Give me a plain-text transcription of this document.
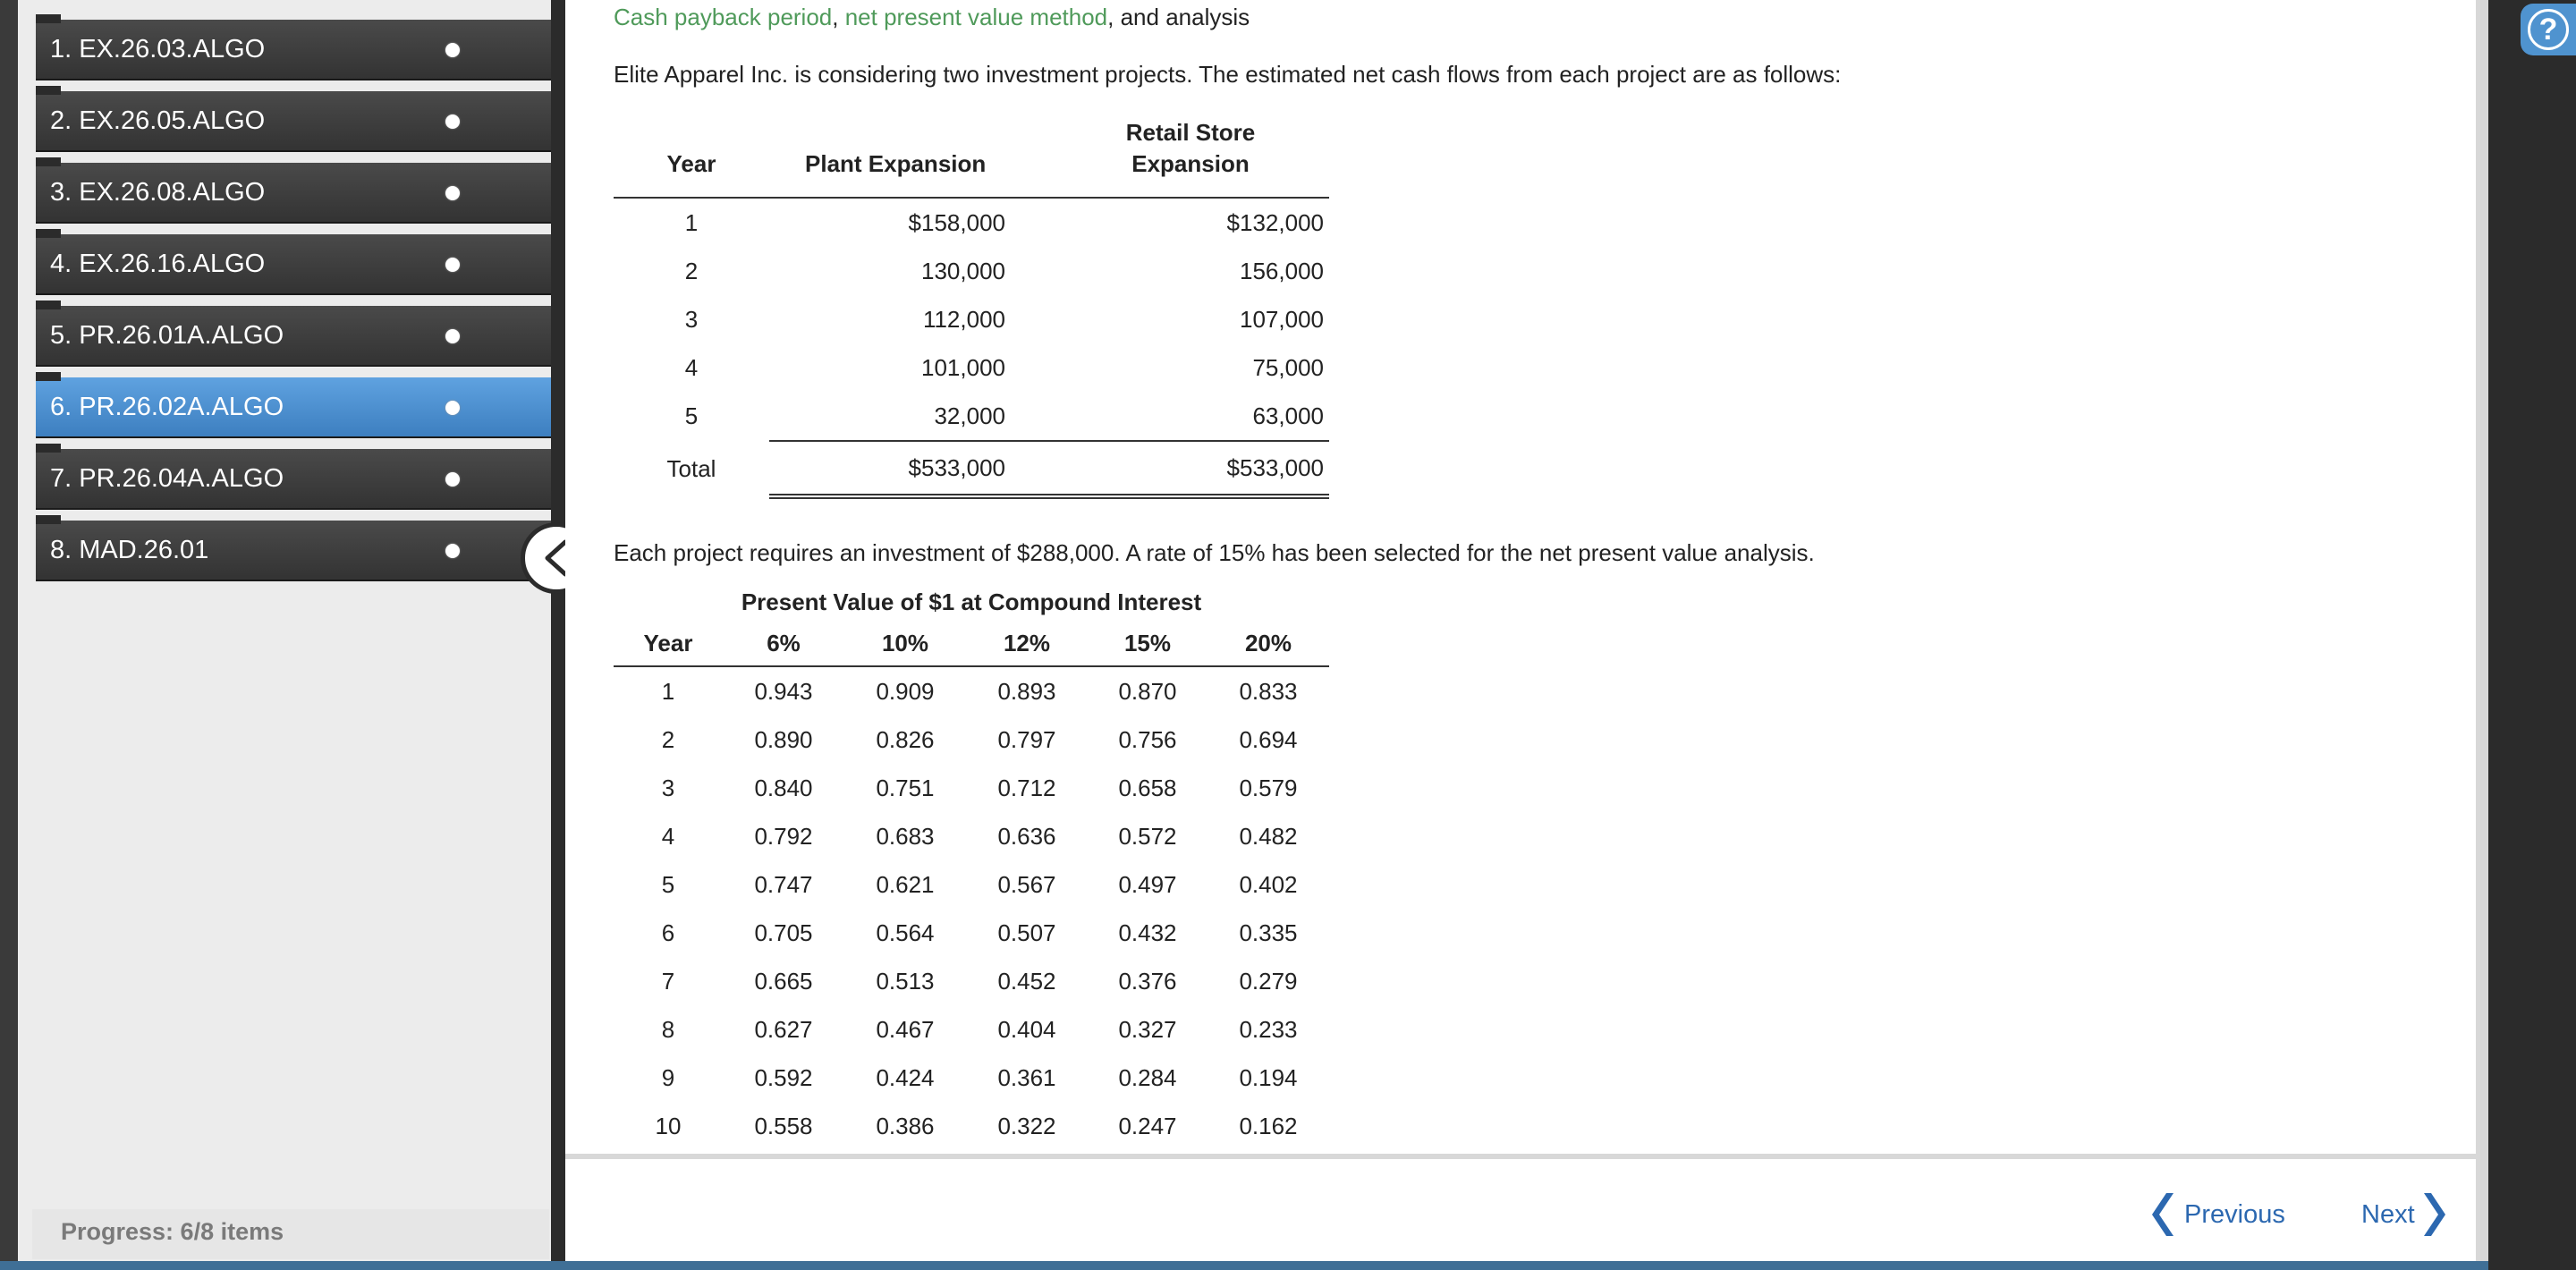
1. EX.26.03.ALGO
2. EX.26.05.ALGO
3. EX.26.08.ALGO
4. EX.26.16.ALGO
5. PR.26.01A.ALGO
6. PR.26.02A.ALGO
7. PR.26.04A.ALGO
8. MAD.26.01
Progress: 6/8 items
?
Cash payback period, net present value method, and analysis
Elite Apparel Inc. is considering two investment projects. The estimated net cash flows from each project are as follows:
		Retail Store
Year	Plant Expansion	Expansion
1	$158,000	$132,000
2	130,000	156,000
3	112,000	107,000
4	101,000	75,000
5	32,000	63,000
Total	$533,000	$533,000
Each project requires an investment of $288,000. A rate of 15% has been selected for the net present value analysis.
Present Value of $1 at Compound Interest					
Year	6%	10%	12%	15%	20%
1	0.943	0.909	0.893	0.870	0.833
2	0.890	0.826	0.797	0.756	0.694
3	0.840	0.751	0.712	0.658	0.579
4	0.792	0.683	0.636	0.572	0.482
5	0.747	0.621	0.567	0.497	0.402
6	0.705	0.564	0.507	0.432	0.335
7	0.665	0.513	0.452	0.376	0.279
8	0.627	0.467	0.404	0.327	0.233
9	0.592	0.424	0.361	0.284	0.194
10	0.558	0.386	0.322	0.247	0.162
Previous	Next
